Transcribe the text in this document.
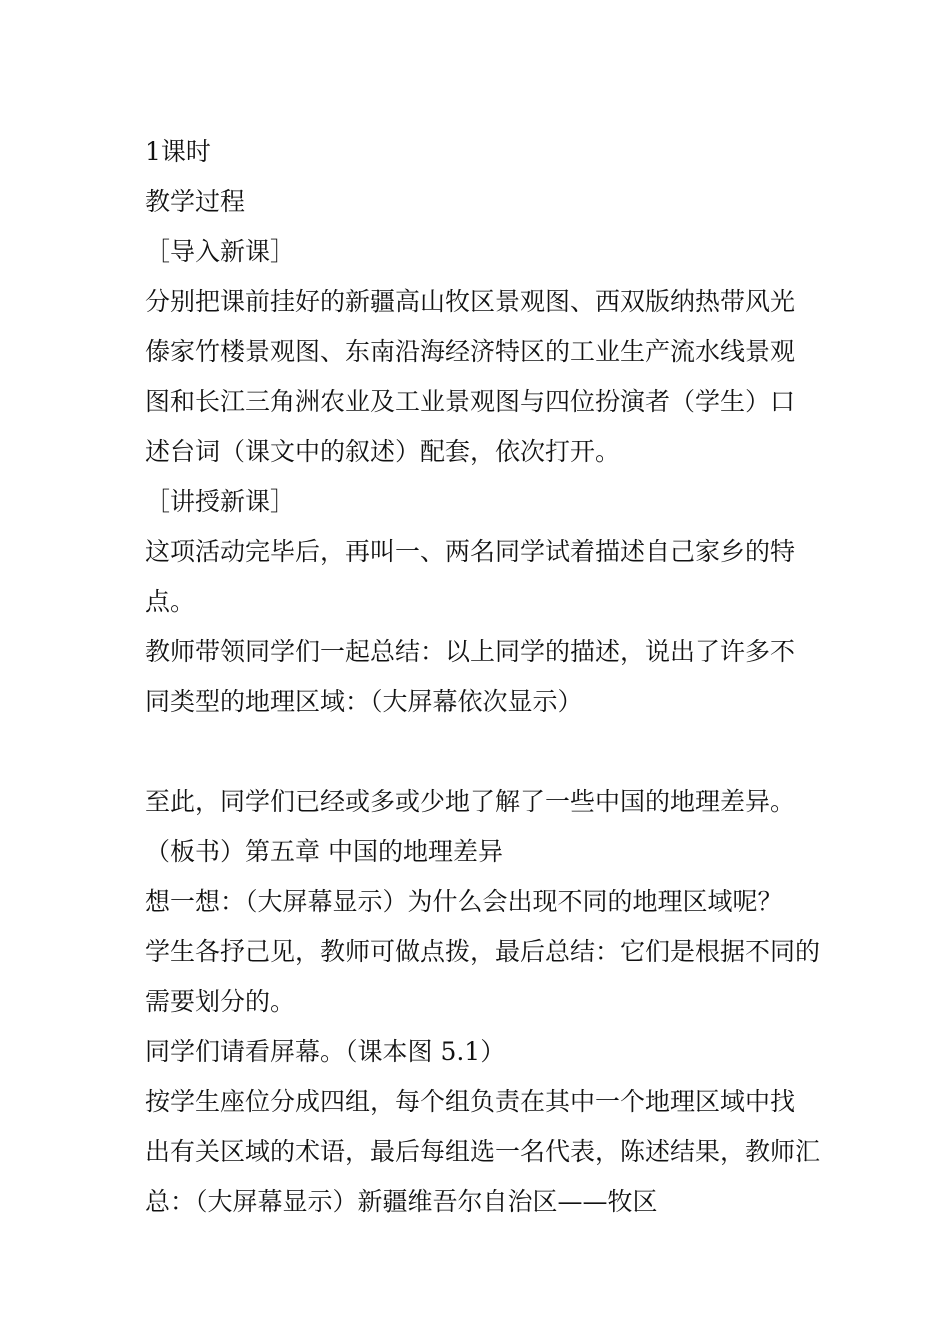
1课时
教学过程
［导入新课］
分别把课前挂好的新疆高山牧区景观图、西双版纳热带风光
傣家竹楼景观图、东南沿海经济特区的工业生产流水线景观
图和长江三角洲农业及工业景观图与四位扮演者（学生）口
述台词（课文中的叙述）配套，依次打开。
［讲授新课］
这项活动完毕后，再叫一、两名同学试着描述自己家乡的特
点。
教师带领同学们一起总结：以上同学的描述，说出了许多不
同类型的地理区域：（大屏幕依次显示）
至此，同学们已经或多或少地了解了一些中国的地理差异。
（板书）第五章 中国的地理差异
想一想：（大屏幕显示）为什么会出现不同的地理区域呢？
学生各抒己见，教师可做点拨，最后总结：它们是根据不同的
需要划分的。
同学们请看屏幕。（课本图 5.1）
按学生座位分成四组，每个组负责在其中一个地理区域中找
出有关区域的术语，最后每组选一名代表，陈述结果，教师汇
总：（大屏幕显示）新疆维吾尔自治区——牧区
